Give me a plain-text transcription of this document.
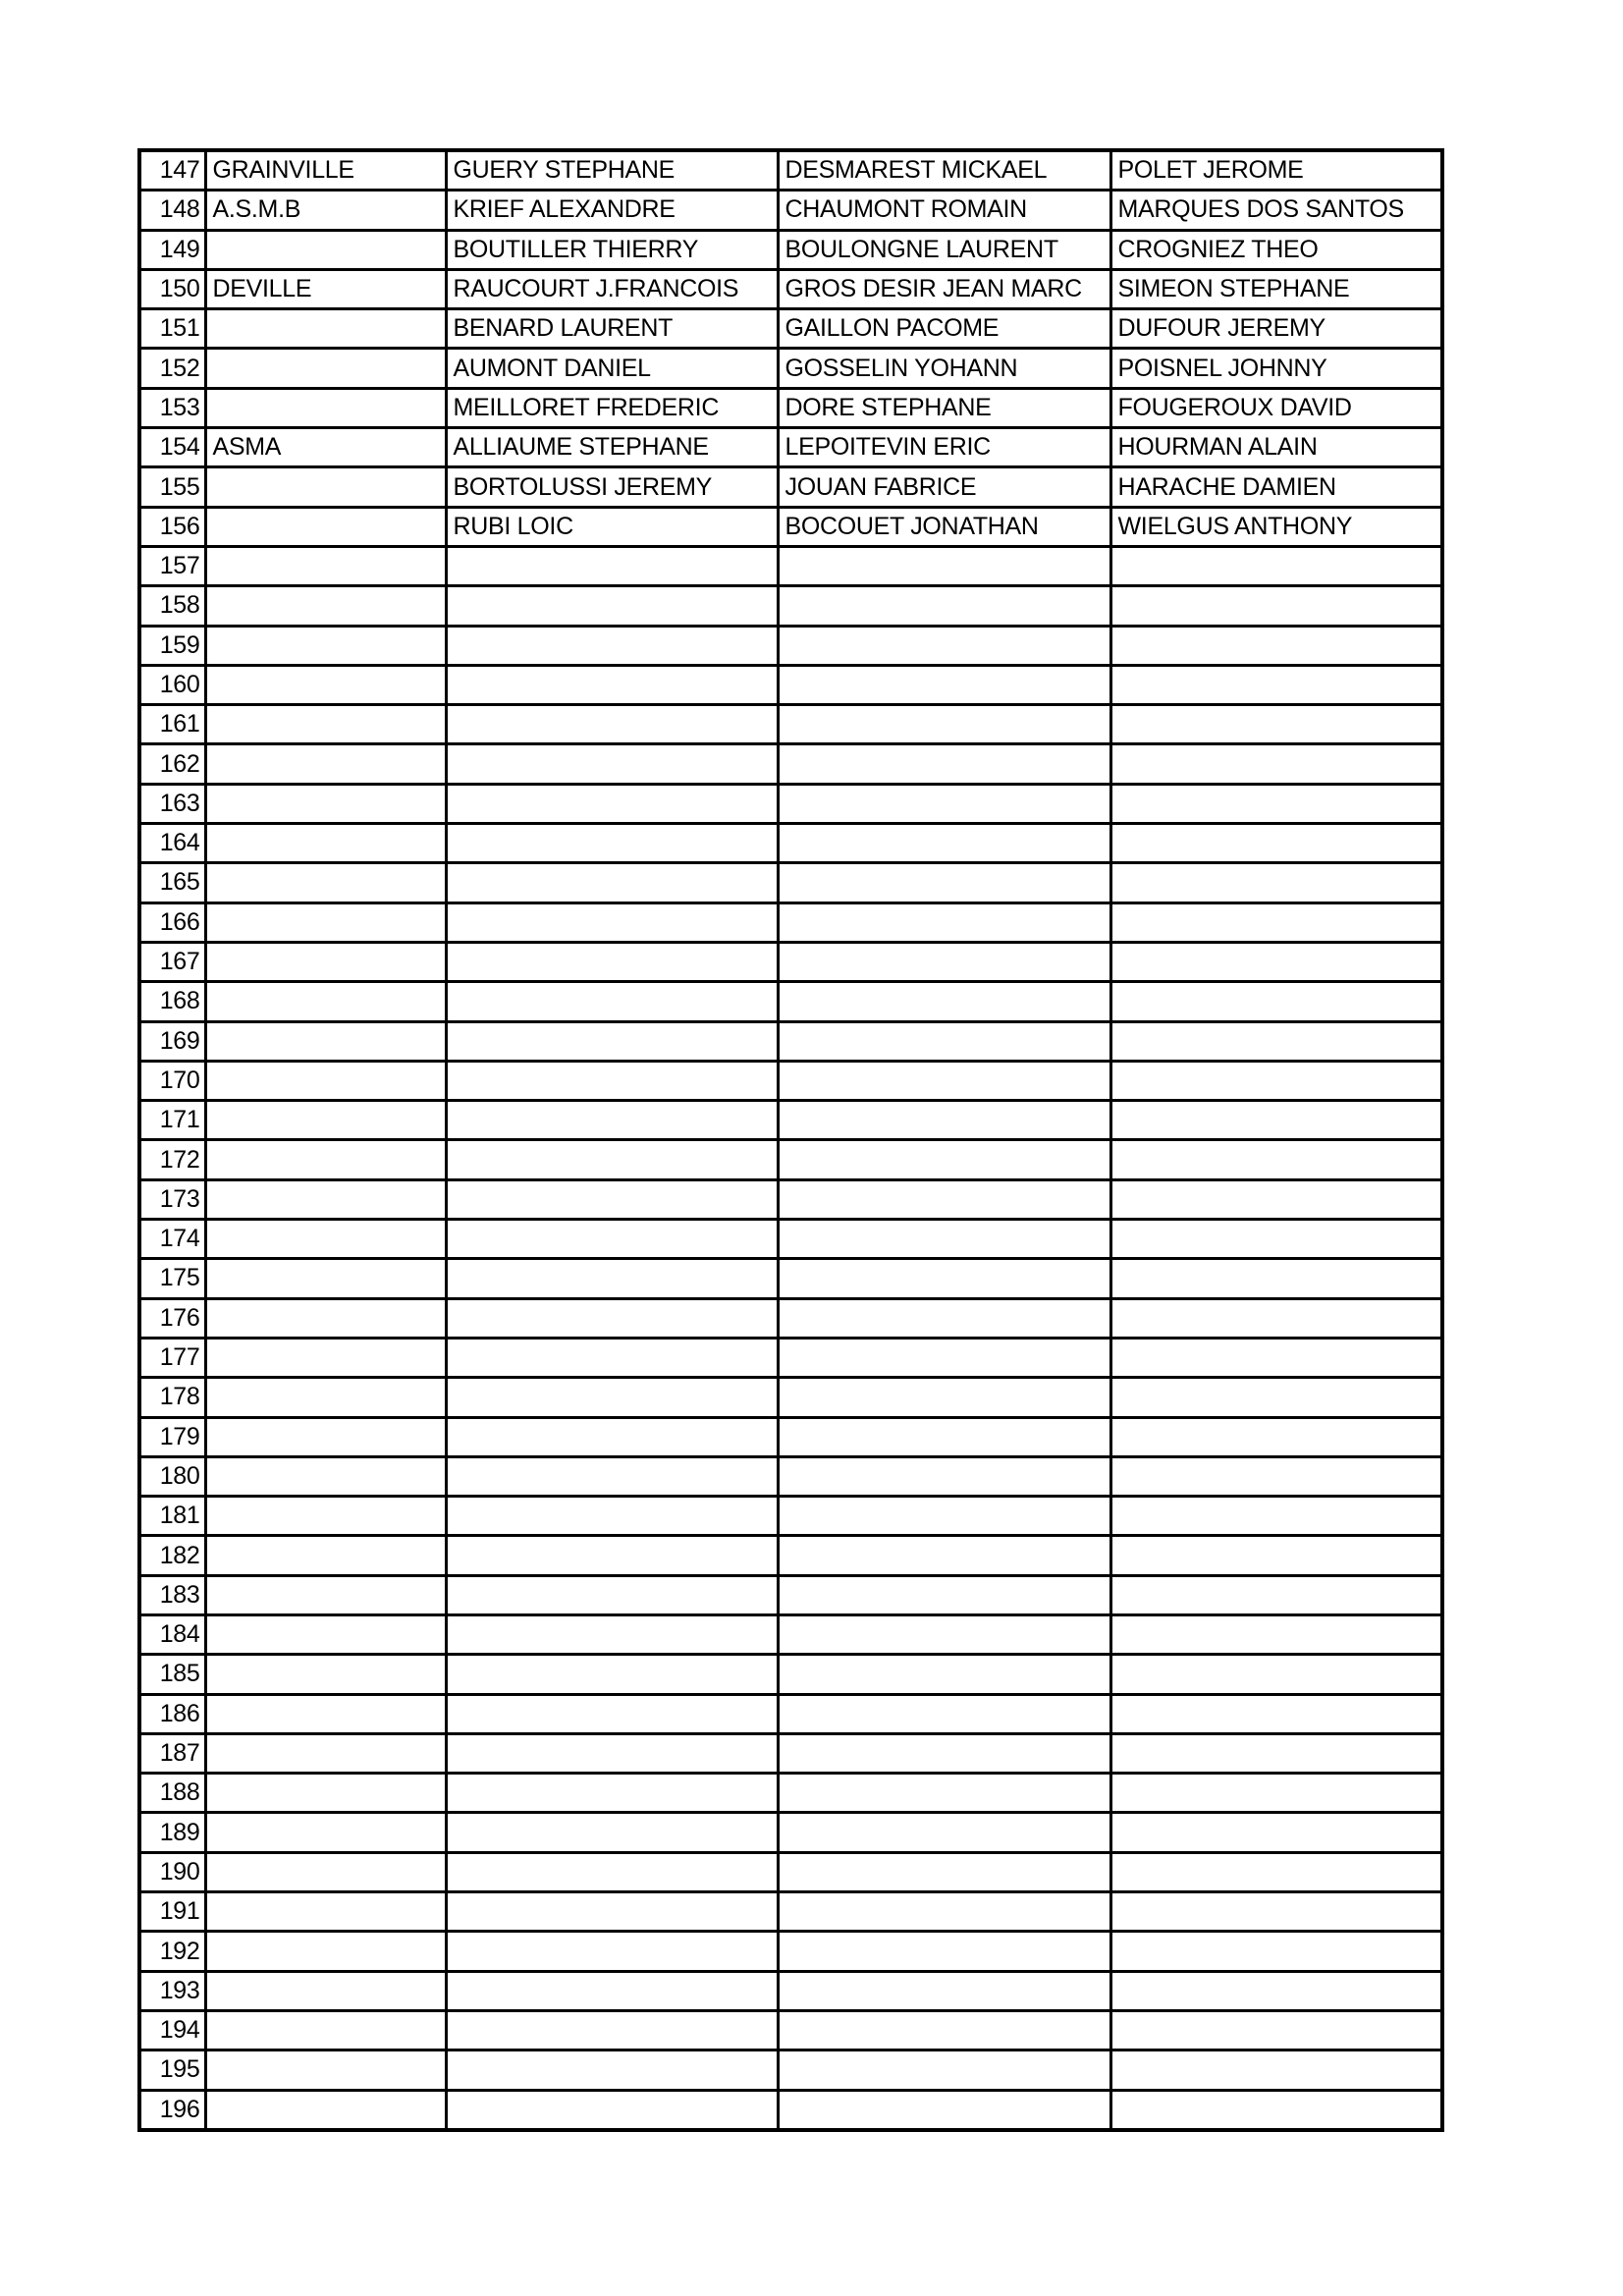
147	GRAINVILLE	GUERY STEPHANE	DESMAREST MICKAEL	POLET JEROME
148	A.S.M.B	KRIEF ALEXANDRE	CHAUMONT ROMAIN	MARQUES DOS SANTOS
149		BOUTILLER THIERRY	BOULONGNE LAURENT	CROGNIEZ THEO
150	DEVILLE	RAUCOURT J.FRANCOIS	GROS DESIR JEAN MARC	SIMEON STEPHANE
151		BENARD LAURENT	GAILLON PACOME	DUFOUR JEREMY
152		AUMONT DANIEL	GOSSELIN YOHANN	POISNEL JOHNNY
153		MEILLORET FREDERIC	DORE STEPHANE	FOUGEROUX DAVID
154	ASMA	ALLIAUME STEPHANE	LEPOITEVIN ERIC	HOURMAN ALAIN
155		BORTOLUSSI JEREMY	JOUAN FABRICE	HARACHE DAMIEN
156		RUBI LOIC	BOCOUET JONATHAN	WIELGUS ANTHONY
157				
158				
159				
160				
161				
162				
163				
164				
165				
166				
167				
168				
169				
170				
171				
172				
173				
174				
175				
176				
177				
178				
179				
180				
181				
182				
183				
184				
185				
186				
187				
188				
189				
190				
191				
192				
193				
194				
195				
196				
